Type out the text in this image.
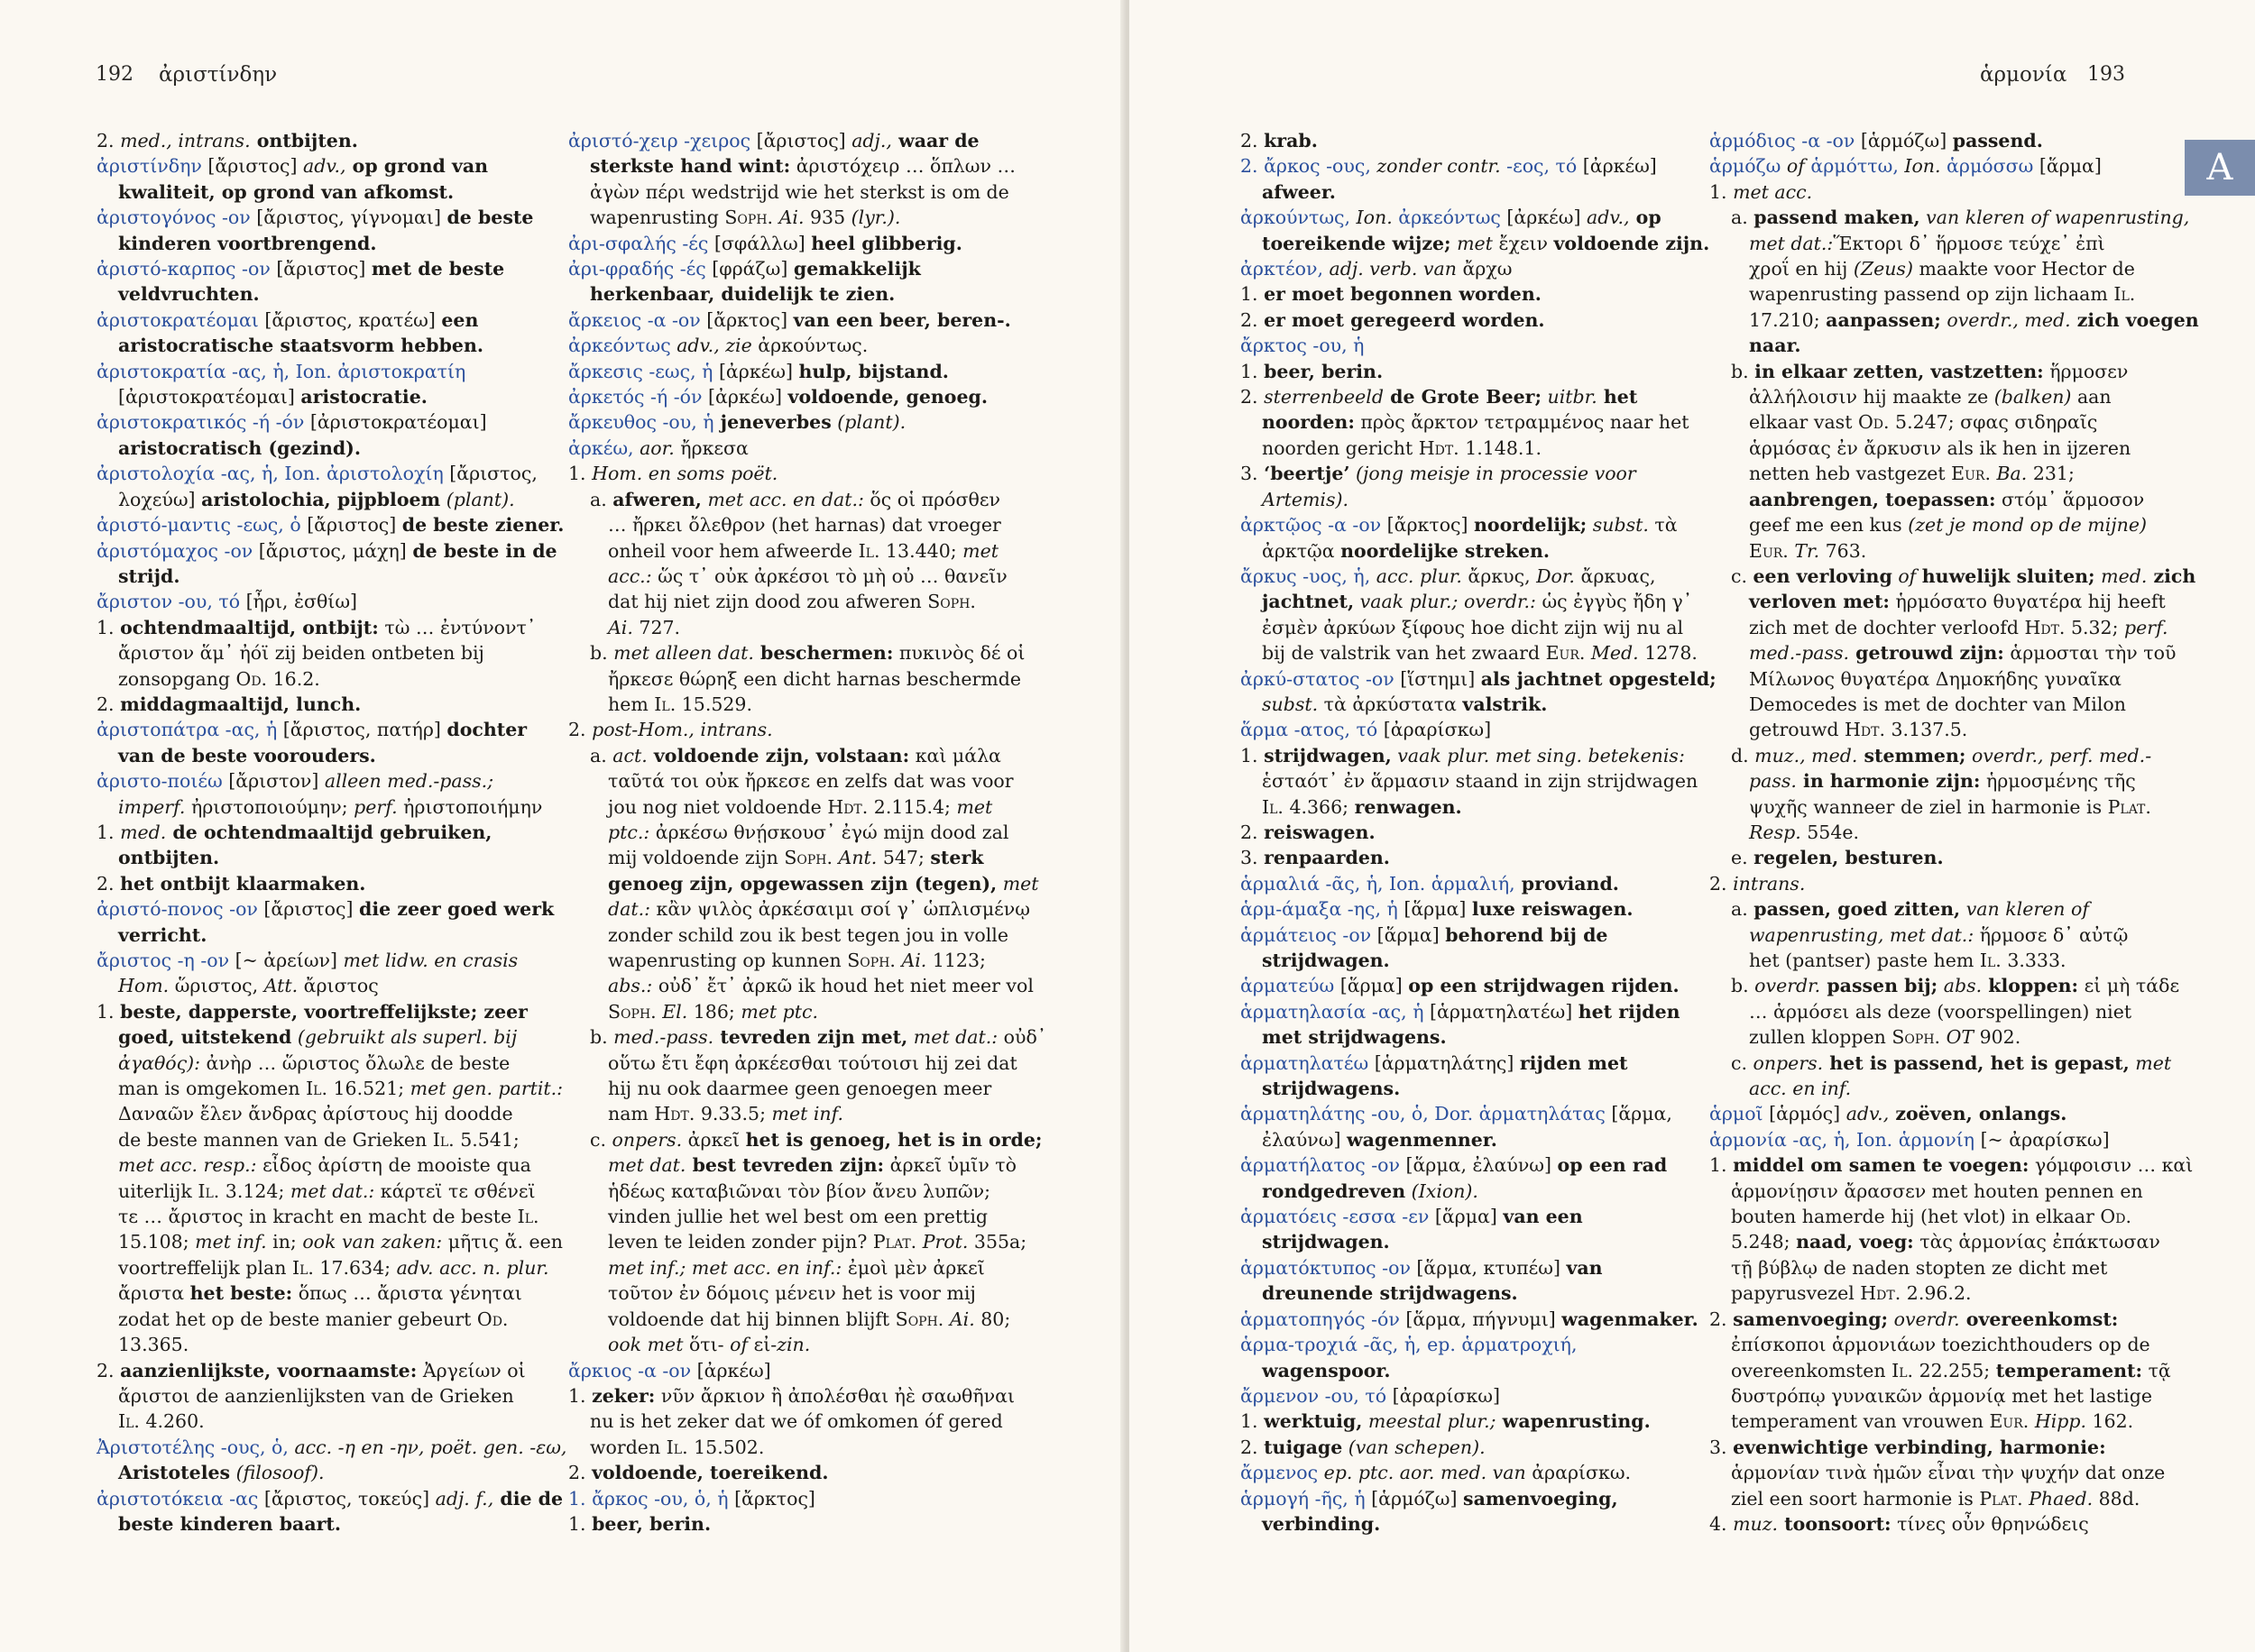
192 ἀριστίνδην
2. med., intrans. ontbijten.
ἀριστίνδην [ἄριστος] adv., op grond van
kwaliteit, op grond van afkomst.
ἀριστογόνος -ον [ἄριστος, γίγνομαι] de beste
kinderen voortbrengend.
ἀριστό-καρπος -ον [ἄριστος] met de beste
veldvruchten.
ἀριστοκρατέομαι [ἄριστος, κρατέω] een
aristocratische staatsvorm hebben.
ἀριστοκρατία -ας, ἡ, Ion. ἀριστοκρατίη
[ἀριστοκρατέομαι] aristocratie.
ἀριστοκρατικός -ή -όν [ἀριστοκρατέομαι]
aristocratisch (gezind).
ἀριστολοχία -ας, ἡ, Ion. ἀριστολοχίη [ἄριστος,
λοχεύω] aristolochia, pijpbloem (plant).
ἀριστό-μαντις -εως, ὁ [ἄριστος] de beste ziener.
ἀριστόμαχος -ον [ἄριστος, μάχη] de beste in de
strijd.
ἄριστον -ου, τό [ἦρι, ἐσθίω]
1. ochtendmaaltijd, ontbijt: τὼ … ἐντύνοντ᾽
ἄριστον ἅμ᾽ ἠόϊ zij beiden ontbeten bij
zonsopgang Od. 16.2.
2. middagmaaltijd, lunch.
ἀριστοπάτρα -ας, ἡ [ἄριστος, πατήρ] dochter
van de beste voorouders.
ἀριστο-ποιέω [ἄριστον] alleen med.-pass.;
imperf. ἠριστοποιούμην; perf. ἠριστοποιήμην
1. med. de ochtendmaaltijd gebruiken,
ontbijten.
2. het ontbijt klaarmaken.
ἀριστό-πονος -ον [ἄριστος] die zeer goed werk
verricht.
ἄριστος -η -ον [~ ἀρείων] met lidw. en crasis
Hom. ὥριστος, Att. ἄριστος
1. beste, dapperste, voortreffelijkste; zeer
goed, uitstekend (gebruikt als superl. bij
ἀγαθός): ἀνὴρ … ὥριστος ὄλωλε de beste
man is omgekomen Il. 16.521; met gen. partit.:
Δαναῶν ἔλεν ἄνδρας ἀρίστους hij doodde
de beste mannen van de Grieken Il. 5.541;
met acc. resp.: εἶδος ἀρίστη de mooiste qua
uiterlijk Il. 3.124; met dat.: κάρτεϊ τε σθένεϊ
τε … ἄριστος in kracht en macht de beste Il.
15.108; met inf. in; ook van zaken: μῆτις ἄ. een
voortreffelijk plan Il. 17.634; adv. acc. n. plur.
ἄριστα het beste: ὅπως … ἄριστα γένηται
zodat het op de beste manier gebeurt Od.
13.365.
2. aanzienlijkste, voornaamste: Ἀργείων οἱ
ἄριστοι de aanzienlijksten van de Grieken
Il. 4.260.
Ἀριστοτέλης -ους, ὁ, acc. -η en -ην, poët. gen. -εω,
Aristoteles (filosoof).
ἀριστοτόκεια -ας [ἄριστος, τοκεύς] adj. f., die de
beste kinderen baart.
ἀριστό-χειρ -χειρος [ἄριστος] adj., waar de
sterkste hand wint: ἀριστόχειρ … ὅπλων …
ἀγὼν πέρι wedstrijd wie het sterkst is om de
wapenrusting Soph. Ai. 935 (lyr.).
ἀρι-σφαλής -ές [σφάλλω] heel glibberig.
ἀρι-φραδής -ές [φράζω] gemakkelijk
herkenbaar, duidelijk te zien.
ἄρκειος -α -ον [ἄρκτος] van een beer, beren-.
ἀρκεόντως adv., zie ἀρκούντως.
ἄρκεσις -εως, ἡ [ἀρκέω] hulp, bijstand.
ἀρκετός -ή -όν [ἀρκέω] voldoende, genoeg.
ἄρκευθος -ου, ἡ jeneverbes (plant).
ἀρκέω, aor. ἤρκεσα
1. Hom. en soms poët.
a. afweren, met acc. en dat.: ὅς οἱ πρόσθεν
… ἤρκει ὄλεθρον (het harnas) dat vroeger
onheil voor hem afweerde Il. 13.440; met
acc.: ὥς τ᾽ οὐκ ἀρκέσοι τὸ μὴ οὐ … θανεῖν
dat hij niet zijn dood zou afweren Soph.
Ai. 727.
b. met alleen dat. beschermen: πυκινὸς δέ οἱ
ἤρκεσε θώρηξ een dicht harnas beschermde
hem Il. 15.529.
2. post-Hom., intrans.
a. act. voldoende zijn, volstaan: καὶ μάλα
ταῦτά τοι οὐκ ἤρκεσε en zelfs dat was voor
jou nog niet voldoende Hdt. 2.115.4; met
ptc.: ἀρκέσω θνῄσκουσ᾽ ἐγώ mijn dood zal
mij voldoende zijn Soph. Ant. 547; sterk
genoeg zijn, opgewassen zijn (tegen), met
dat.: κἂν ψιλὸς ἀρκέσαιμι σοί γ᾽ ὡπλισμένῳ
zonder schild zou ik best tegen jou in volle
wapenrusting op kunnen Soph. Ai. 1123;
abs.: οὐδ᾽ ἔτ᾽ ἀρκῶ ik houd het niet meer vol
Soph. El. 186; met ptc.
b. med.-pass. tevreden zijn met, met dat.: οὐδ᾽
οὕτω ἔτι ἔφη ἀρκέεσθαι τούτοισι hij zei dat
hij nu ook daarmee geen genoegen meer
nam Hdt. 9.33.5; met inf.
c. onpers. ἀρκεῖ het is genoeg, het is in orde;
met dat. best tevreden zijn: ἀρκεῖ ὑμῖν τὸ
ἡδέως καταβιῶναι τὸν βίον ἄνευ λυπῶν;
vinden jullie het wel best om een prettig
leven te leiden zonder pijn? Plat. Prot. 355a;
met inf.; met acc. en inf.: ἐμοὶ μὲν ἀρκεῖ
τοῦτον ἐν δόμοις μένειν het is voor mij
voldoende dat hij binnen blijft Soph. Ai. 80;
ook met ὅτι- of εἰ-zin.
ἄρκιος -α -ον [ἀρκέω]
1. zeker: νῦν ἄρκιον ἢ ἀπολέσθαι ἠὲ σαωθῆναι
nu is het zeker dat we óf omkomen óf gered
worden Il. 15.502.
2. voldoende, toereikend.
1. ἄρκος -ου, ὁ, ἡ [ἄρκτος]
1. beer, berin.
ἁρμονία 193
A
2. krab.
2. ἄρκος -ους, zonder contr. -εος, τό [ἀρκέω]
afweer.
ἀρκούντως, Ion. ἀρκεόντως [ἀρκέω] adv., op
toereikende wijze; met ἔχειν voldoende zijn.
ἀρκτέον, adj. verb. van ἄρχω
1. er moet begonnen worden.
2. er moet geregeerd worden.
ἄρκτος -ου, ἡ
1. beer, berin.
2. sterrenbeeld de Grote Beer; uitbr. het
noorden: πρὸς ἄρκτον τετραμμένος naar het
noorden gericht Hdt. 1.148.1.
3. ‘beertje’ (jong meisje in processie voor
Artemis).
ἀρκτῷος -α -ον [ἄρκτος] noordelijk; subst. τὰ
ἀρκτῷα noordelijke streken.
ἄρκυς -υος, ἡ, acc. plur. ἄρκυς, Dor. ἄρκυας,
jachtnet, vaak plur.; overdr.: ὡς ἐγγὺς ἤδη γ᾽
ἐσμὲν ἀρκύων ξίφους hoe dicht zijn wij nu al
bij de valstrik van het zwaard Eur. Med. 1278.
ἀρκύ-στατος -ον [ἵστημι] als jachtnet opgesteld;
subst. τὰ ἀρκύστατα valstrik.
ἅρμα -ατος, τό [ἀραρίσκω]
1. strijdwagen, vaak plur. met sing. betekenis:
ἑσταότ᾽ ἐν ἅρμασιν staand in zijn strijdwagen
Il. 4.366; renwagen.
2. reiswagen.
3. renpaarden.
ἁρμαλιά -ᾶς, ἡ, Ion. ἁρμαλιή, proviand.
ἁρμ-άμαξα -ης, ἡ [ἅρμα] luxe reiswagen.
ἁρμάτειος -ον [ἅρμα] behorend bij de
strijdwagen.
ἁρματεύω [ἅρμα] op een strijdwagen rijden.
ἁρματηλασία -ας, ἡ [ἁρματηλατέω] het rijden
met strijdwagens.
ἁρματηλατέω [ἁρματηλάτης] rijden met
strijdwagens.
ἁρματηλάτης -ου, ὁ, Dor. ἁρματηλάτας [ἅρμα,
ἐλαύνω] wagenmenner.
ἁρματήλατος -ον [ἅρμα, ἐλαύνω] op een rad
rondgedreven (Ixion).
ἁρματόεις -εσσα -εν [ἅρμα] van een
strijdwagen.
ἁρματόκτυπος -ον [ἅρμα, κτυπέω] van
dreunende strijdwagens.
ἁρματοπηγός -όν [ἅρμα, πήγνυμι] wagenmaker.
ἁρμα-τροχιά -ᾶς, ἡ, ep. ἁρματροχιή,
wagenspoor.
ἄρμενον -ου, τό [ἀραρίσκω]
1. werktuig, meestal plur.; wapenrusting.
2. tuigage (van schepen).
ἄρμενος ep. ptc. aor. med. van ἀραρίσκω.
ἁρμογή -ῆς, ἡ [ἁρμόζω] samenvoeging,
verbinding.
ἁρμόδιος -α -ον [ἁρμόζω] passend.
ἁρμόζω of ἁρμόττω, Ion. ἁρμόσσω [ἅρμα]
1. met acc.
a. passend maken, van kleren of wapenrusting,
met dat.:Ἕκτορι δ᾽ ἥρμοσε τεύχε᾽ ἐπὶ
χροΐ en hij (Zeus) maakte voor Hector de
wapenrusting passend op zijn lichaam Il.
17.210; aanpassen; overdr., med. zich voegen
naar.
b. in elkaar zetten, vastzetten: ἥρμοσεν
ἀλλήλοισιν hij maakte ze (balken) aan
elkaar vast Od. 5.247; σφας σιδηραῖς
ἁρμόσας ἐν ἄρκυσιν als ik hen in ijzeren
netten heb vastgezet Eur. Ba. 231;
aanbrengen, toepassen: στόμ᾽ ἅρμοσον
geef me een kus (zet je mond op de mijne)
Eur. Tr. 763.
c. een verloving of huwelijk sluiten; med. zich
verloven met: ἡρμόσατο θυγατέρα hij heeft
zich met de dochter verloofd Hdt. 5.32; perf.
med.-pass. getrouwd zijn: ἁρμοσται τὴν τοῦ
Μίλωνος θυγατέρα Δημοκήδης γυναῖκα
Democedes is met de dochter van Milon
getrouwd Hdt. 3.137.5.
d. muz., med. stemmen; overdr., perf. med.-
pass. in harmonie zijn: ἡρμοσμένης τῆς
ψυχῆς wanneer de ziel in harmonie is Plat.
Resp. 554e.
e. regelen, besturen.
2. intrans.
a. passen, goed zitten, van kleren of
wapenrusting, met dat.: ἥρμοσε δ᾽ αὐτῷ
het (pantser) paste hem Il. 3.333.
b. overdr. passen bij; abs. kloppen: εἰ μὴ τάδε
… ἁρμόσει als deze (voorspellingen) niet
zullen kloppen Soph. OT 902.
c. onpers. het is passend, het is gepast, met
acc. en inf.
ἁρμοῖ [ἁρμός] adv., zoëven, onlangs.
ἁρμονία -ας, ἡ, Ion. ἁρμονίη [~ ἀραρίσκω]
1. middel om samen te voegen: γόμφοισιν … καὶ
ἁρμονίῃσιν ἄρασσεν met houten pennen en
bouten hamerde hij (het vlot) in elkaar Od.
5.248; naad, voeg: τὰς ἁρμονίας ἐπάκτωσαν
τῇ βύβλῳ de naden stopten ze dicht met
papyrusvezel Hdt. 2.96.2.
2. samenvoeging; overdr. overeenkomst:
ἐπίσκοποι ἁρμονιάων toezichthouders op de
overeenkomsten Il. 22.255; temperament: τᾷ
δυστρόπῳ γυναικῶν ἁρμονίᾳ met het lastige
temperament van vrouwen Eur. Hipp. 162.
3. evenwichtige verbinding, harmonie:
ἁρμονίαν τινὰ ἡμῶν εἶναι τὴν ψυχήν dat onze
ziel een soort harmonie is Plat. Phaed. 88d.
4. muz. toonsoort: τίνες οὖν θρηνώδεις
